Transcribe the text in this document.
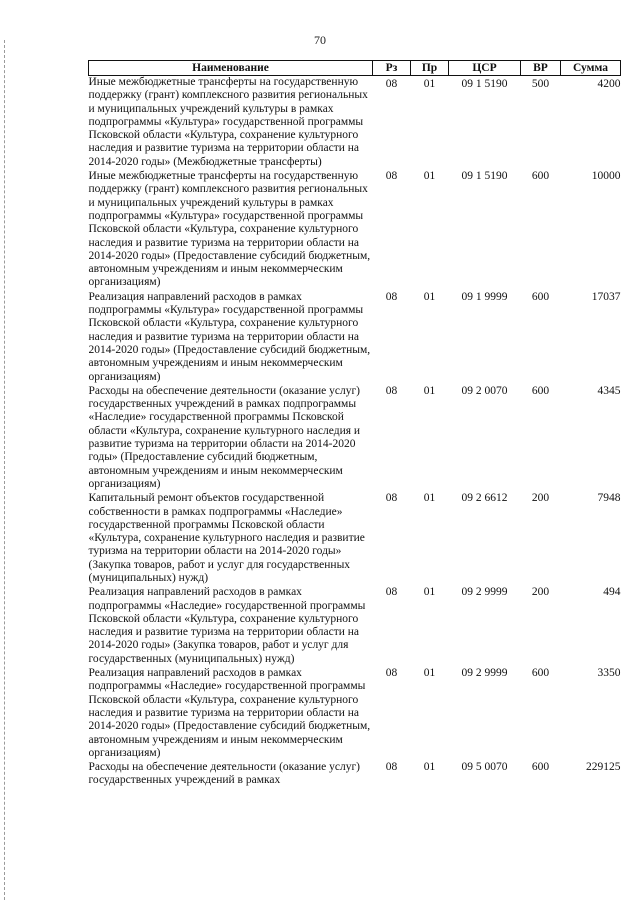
70
Наименование	Рз	Пр	ЦСР	ВР	Сумма
Иные межбюджетные трансферты на государственную поддержку (грант) комплексного развития региональных и муниципальных учреждений культуры в рамках подпрограммы «Культура» государственной программы Псковской области «Культура, сохранение культурного наследия и развитие туризма на территории области на 2014-2020 годы» (Межбюджетные трансферты)	08	01	09 1 5190	500	4200
Иные межбюджетные трансферты на государственную поддержку (грант) комплексного развития региональных и муниципальных учреждений культуры в рамках подпрограммы «Культура» государственной программы Псковской области «Культура, сохранение культурного наследия и развитие туризма на территории области на 2014-2020 годы» (Предоставление субсидий бюджетным, автономным учреждениям и иным некоммерческим организациям)	08	01	09 1 5190	600	10000
Реализация направлений расходов в рамках подпрограммы «Культура» государственной программы Псковской области «Культура, сохранение культурного наследия и развитие туризма на территории области на 2014-2020 годы» (Предоставление субсидий бюджетным, автономным учреждениям и иным некоммерческим организациям)	08	01	09 1 9999	600	17037
Расходы на обеспечение деятельности (оказание услуг) государственных учреждений в рамках подпрограммы «Наследие» государственной программы Псковской области «Культура, сохранение культурного наследия и развитие туризма на территории области на 2014-2020 годы» (Предоставление субсидий бюджетным, автономным учреждениям и иным некоммерческим организациям)	08	01	09 2 0070	600	4345
Капитальный ремонт объектов государственной собственности в рамках подпрограммы «Наследие» государственной программы Псковской области «Культура, сохранение культурного наследия и развитие туризма на территории области на 2014-2020 годы» (Закупка товаров, работ и услуг для государственных (муниципальных) нужд)	08	01	09 2 6612	200	7948
Реализация направлений расходов в рамках подпрограммы «Наследие» государственной программы Псковской области «Культура, сохранение культурного наследия и развитие туризма на территории области на 2014-2020 годы» (Закупка товаров, работ и услуг для государственных (муниципальных) нужд)	08	01	09 2 9999	200	494
Реализация направлений расходов в рамках подпрограммы «Наследие» государственной программы Псковской области «Культура, сохранение культурного наследия и развитие туризма на территории области на 2014-2020 годы» (Предоставление субсидий бюджетным, автономным учреждениям и иным некоммерческим организациям)	08	01	09 2 9999	600	3350
Расходы на обеспечение деятельности (оказание услуг) государственных учреждений в рамках	08	01	09 5 0070	600	229125
